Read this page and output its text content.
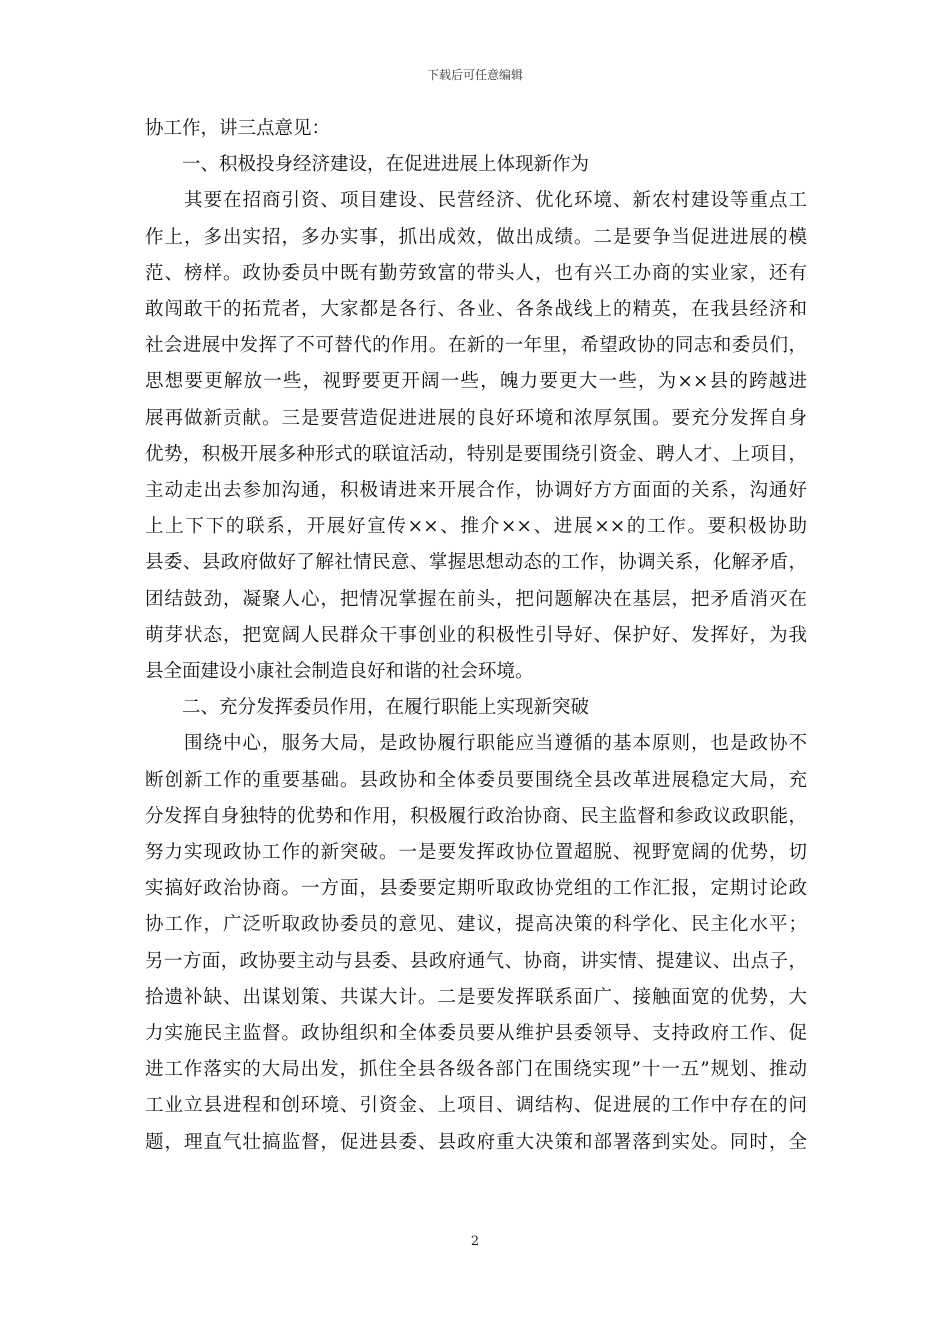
下载后可任意编辑
协工作，讲三点意见：
　　一、积极投身经济建设，在促进进展上体现新作为
　　其要在招商引资、项目建设、民营经济、优化环境、新农村建设等重点工
作上，多出实招，多办实事，抓出成效，做出成绩。二是要争当促进进展的模
范、榜样。政协委员中既有勤劳致富的带头人，也有兴工办商的实业家，还有
敢闯敢干的拓荒者，大家都是各行、各业、各条战线上的精英，在我县经济和
社会进展中发挥了不可替代的作用。在新的一年里，希望政协的同志和委员们，
思想要更解放一些，视野要更开阔一些，魄力要更大一些，为××县的跨越进
展再做新贡献。三是要营造促进进展的良好环境和浓厚氛围。要充分发挥自身
优势，积极开展多种形式的联谊活动，特别是要围绕引资金、聘人才、上项目，
主动走出去参加沟通，积极请进来开展合作，协调好方方面面的关系，沟通好
上上下下的联系，开展好宣传××、推介××、进展××的工作。要积极协助
县委、县政府做好了解社情民意、掌握思想动态的工作，协调关系，化解矛盾，
团结鼓劲，凝聚人心，把情况掌握在前头，把问题解决在基层，把矛盾消灭在
萌芽状态，把宽阔人民群众干事创业的积极性引导好、保护好、发挥好，为我
县全面建设小康社会制造良好和谐的社会环境。
　　二、充分发挥委员作用，在履行职能上实现新突破
　　围绕中心，服务大局，是政协履行职能应当遵循的基本原则，也是政协不
断创新工作的重要基础。县政协和全体委员要围绕全县改革进展稳定大局，充
分发挥自身独特的优势和作用，积极履行政治协商、民主监督和参政议政职能，
努力实现政协工作的新突破。一是要发挥政协位置超脱、视野宽阔的优势，切
实搞好政治协商。一方面，县委要定期听取政协党组的工作汇报，定期讨论政
协工作，广泛听取政协委员的意见、建议，提高决策的科学化、民主化水平；
另一方面，政协要主动与县委、县政府通气、协商，讲实情、提建议、出点子，
拾遗补缺、出谋划策、共谋大计。二是要发挥联系面广、接触面宽的优势，大
力实施民主监督。政协组织和全体委员要从维护县委领导、支持政府工作、促
进工作落实的大局出发，抓住全县各级各部门在围绕实现”十一五”规划、推动
工业立县进程和创环境、引资金、上项目、调结构、促进展的工作中存在的问
题，理直气壮搞监督，促进县委、县政府重大决策和部署落到实处。同时，全
2
